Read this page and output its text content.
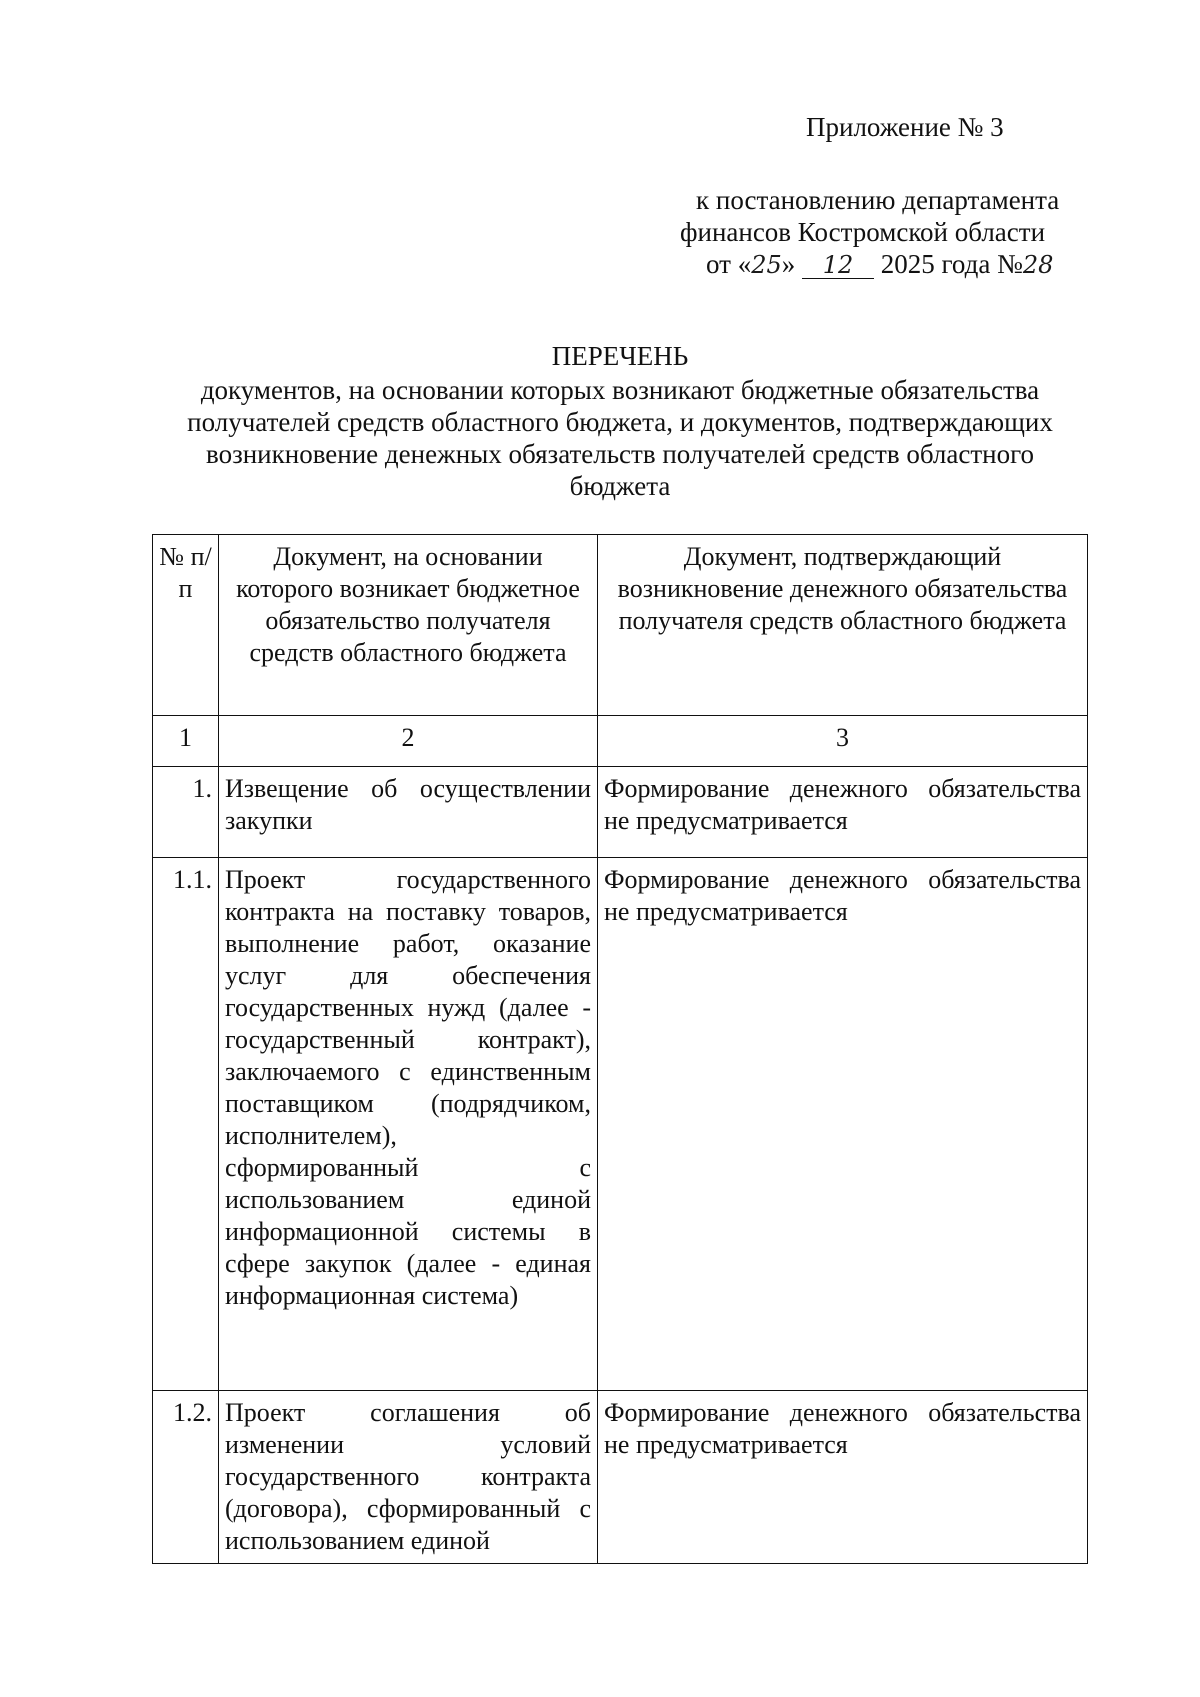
Приложение № 3
к постановлению департамента
финансов Костромской области
от «25» 12 2025 года №28
ПЕРЕЧЕНЬ
документов, на основании которых возникают бюджетные обязательства
получателей средств областного бюджета, и документов, подтверждающих
возникновение денежных обязательств получателей средств областного
бюджета
№ п/п	Документ, на основании которого возникает бюджетное обязательство получателя средств областного бюджета	Документ, подтверждающий возникновение денежного обязательства получателя средств областного бюджета
1	2	3
1.	Извещение об осуществлении закупки	Формирование денежного обязательства не предусматривается
1.1.	Проект государственного контракта на поставку товаров, выполнение работ, оказание услуг для обеспечения государственных нужд (далее - государственный контракт), заключаемого с единственным поставщиком (подрядчиком, исполнителем), сформированный с использованием единой информационной системы в сфере закупок (далее - единая информационная система)	Формирование денежного обязательства не предусматривается
1.2.	Проект соглашения об изменении условий государственного контракта (договора), сформированный с использованием единой	Формирование денежного обязательства не предусматривается
